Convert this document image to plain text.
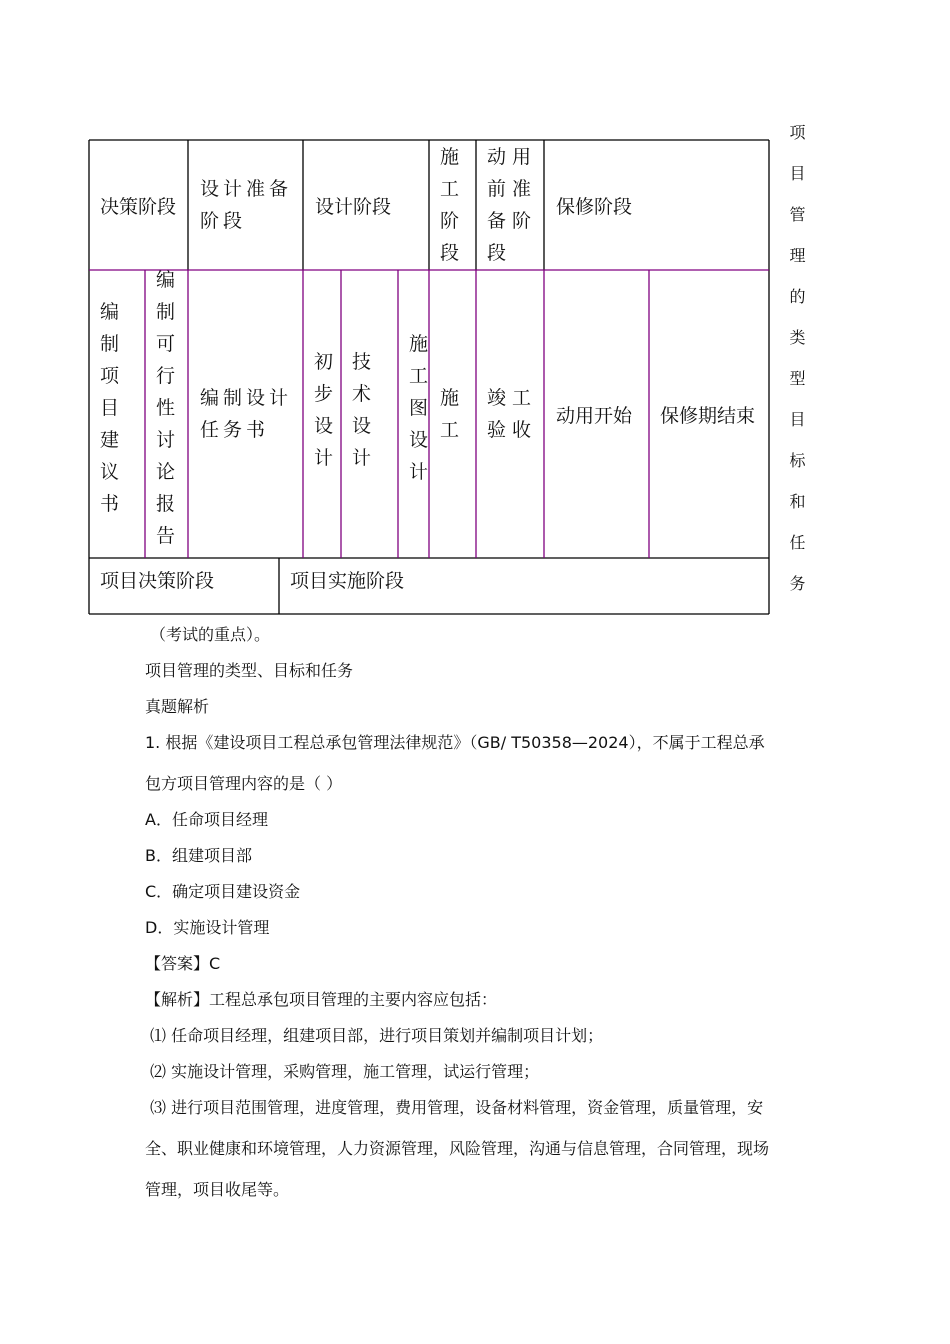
决策阶段
设计准备阶段
设计阶段
施工阶段
动用前准备阶段
保修阶段
编制项目建议书
编制可行性讨论报告
编制设计任务书
初步设计
技术设计
施工图设计
施工
竣工验收
动用开始 保修期结束
项目决策阶段	项目实施阶段	项目管理的类型目标和任务
（考试的重点）。
项目管理的类型、目标和任务
真题解析
1. 根据《建设项目工程总承包管理法律规范》（GB/ T50358—2024），不属于工程总承
包方项目管理内容的是（ ）
A．任命项目经理
B．组建项目部
C．确定项目建设资金
D．实施设计管理
【答案】C
【解析】工程总承包项目管理的主要内容应包括：
⑴ 任命项目经理，组建项目部，进行项目策划并编制项目计划；
⑵ 实施设计管理，采购管理，施工管理，试运行管理；
⑶ 进行项目范围管理，进度管理，费用管理，设备材料管理，资金管理，质量管理，安
全、职业健康和环境管理，人力资源管理，风险管理，沟通与信息管理，合同管理，现场
管理，项目收尾等。
